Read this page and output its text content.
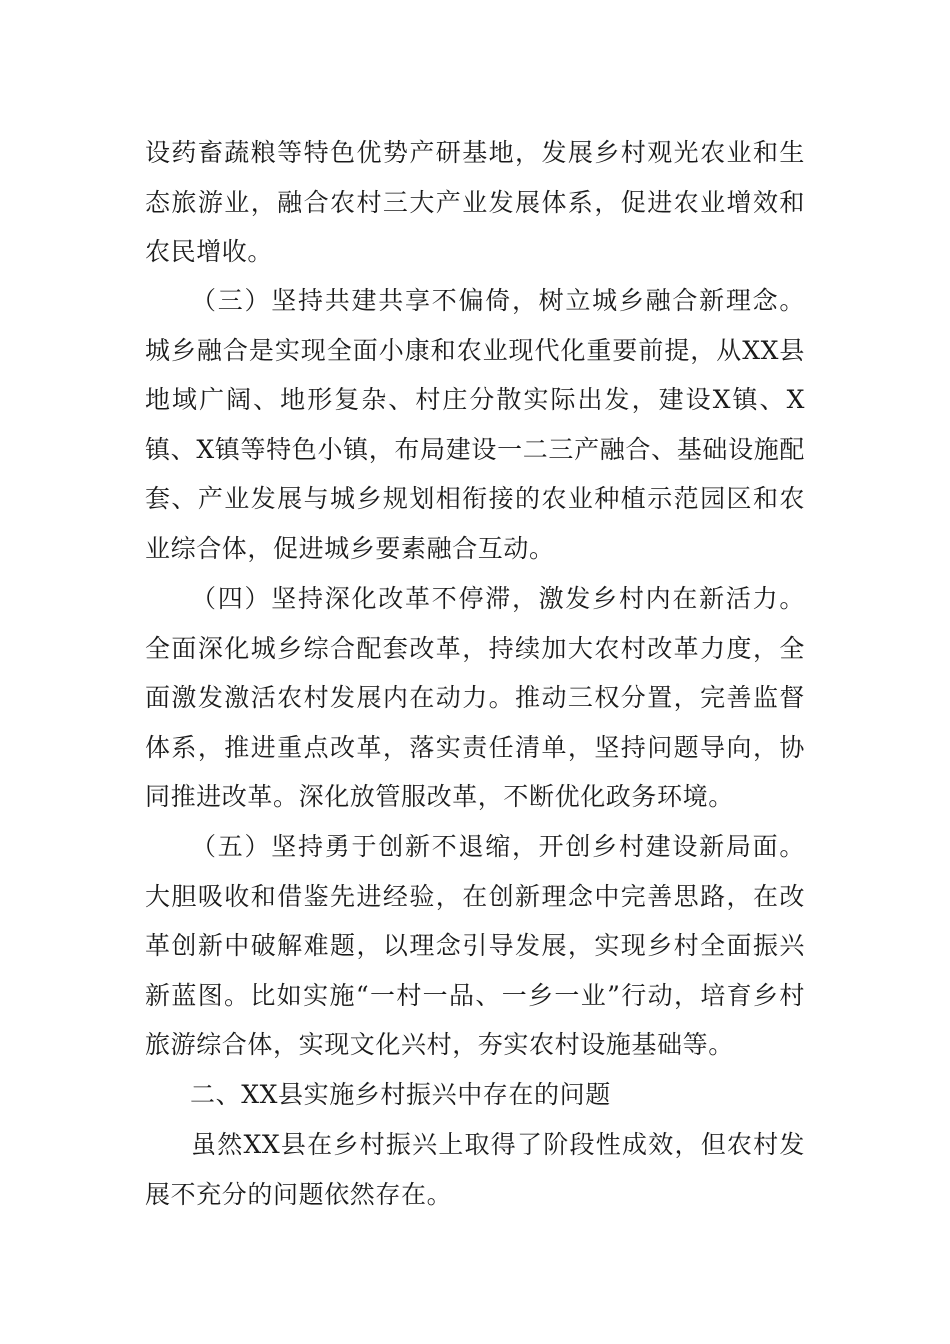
设药畜蔬粮等特色优势产研基地，发展乡村观光农业和生态旅游业，融合农村三大产业发展体系，促进农业增效和农民增收。

（三）坚持共建共享不偏倚，树立城乡融合新理念。城乡融合是实现全面小康和农业现代化重要前提，从XX县地域广阔、地形复杂、村庄分散实际出发，建设X镇、X镇、X镇等特色小镇，布局建设一二三产融合、基础设施配套、产业发展与城乡规划相衔接的农业种植示范园区和农业综合体，促进城乡要素融合互动。

（四）坚持深化改革不停滞，激发乡村内在新活力。全面深化城乡综合配套改革，持续加大农村改革力度，全面激发激活农村发展内在动力。推动三权分置，完善监督体系，推进重点改革，落实责任清单，坚持问题导向，协同推进改革。深化放管服改革，不断优化政务环境。

（五）坚持勇于创新不退缩，开创乡村建设新局面。大胆吸收和借鉴先进经验，在创新理念中完善思路，在改革创新中破解难题，以理念引导发展，实现乡村全面振兴新蓝图。比如实施“一村一品、一乡一业”行动，培育乡村旅游综合体，实现文化兴村，夯实农村设施基础等。

二、XX县实施乡村振兴中存在的问题

虽然XX县在乡村振兴上取得了阶段性成效，但农村发展不充分的问题依然存在。
